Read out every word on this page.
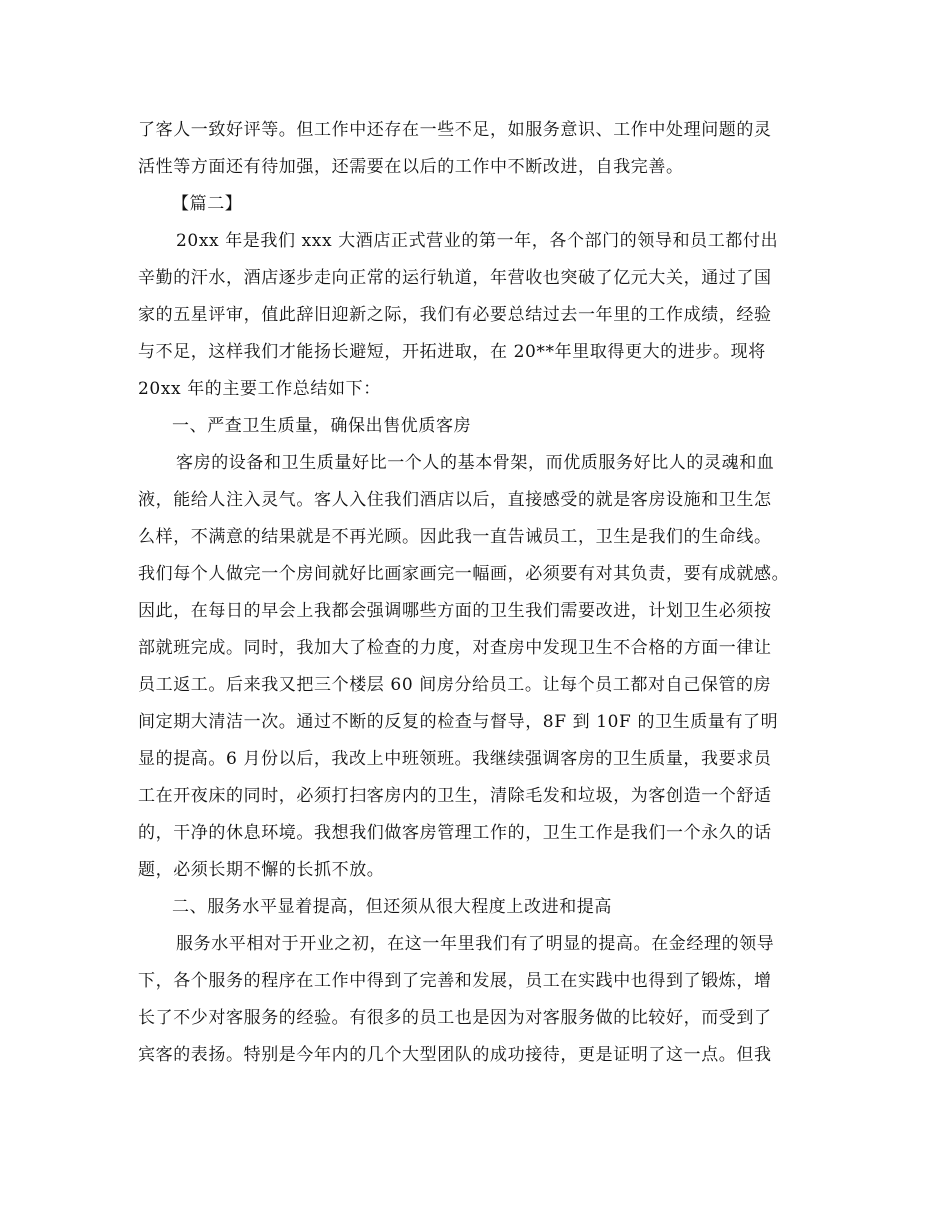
了客人一致好评等。但工作中还存在一些不足，如服务意识、工作中处理问题的灵
活性等方面还有待加强，还需要在以后的工作中不断改进，自我完善。
【篇二】
20xx 年是我们 xxx 大酒店正式营业的第一年，各个部门的领导和员工都付出
辛勤的汗水，酒店逐步走向正常的运行轨道，年营收也突破了亿元大关，通过了国
家的五星评审，值此辞旧迎新之际，我们有必要总结过去一年里的工作成绩，经验
与不足，这样我们才能扬长避短，开拓进取，在 20**年里取得更大的进步。现将
20xx 年的主要工作总结如下：
一、严查卫生质量，确保出售优质客房
客房的设备和卫生质量好比一个人的基本骨架，而优质服务好比人的灵魂和血
液，能给人注入灵气。客人入住我们酒店以后，直接感受的就是客房设施和卫生怎
么样，不满意的结果就是不再光顾。因此我一直告诫员工，卫生是我们的生命线。
我们每个人做完一个房间就好比画家画完一幅画，必须要有对其负责，要有成就感。
因此，在每日的早会上我都会强调哪些方面的卫生我们需要改进，计划卫生必须按
部就班完成。同时，我加大了检查的力度，对查房中发现卫生不合格的方面一律让
员工返工。后来我又把三个楼层 60 间房分给员工。让每个员工都对自己保管的房
间定期大清洁一次。通过不断的反复的检查与督导，8F 到 10F 的卫生质量有了明
显的提高。6 月份以后，我改上中班领班。我继续强调客房的卫生质量，我要求员
工在开夜床的同时，必须打扫客房内的卫生，清除毛发和垃圾，为客创造一个舒适
的，干净的休息环境。我想我们做客房管理工作的，卫生工作是我们一个永久的话
题，必须长期不懈的长抓不放。
二、服务水平显着提高，但还须从很大程度上改进和提高
服务水平相对于开业之初，在这一年里我们有了明显的提高。在金经理的领导
下，各个服务的程序在工作中得到了完善和发展，员工在实践中也得到了锻炼，增
长了不少对客服务的经验。有很多的员工也是因为对客服务做的比较好，而受到了
宾客的表扬。特别是今年内的几个大型团队的成功接待，更是证明了这一点。但我
